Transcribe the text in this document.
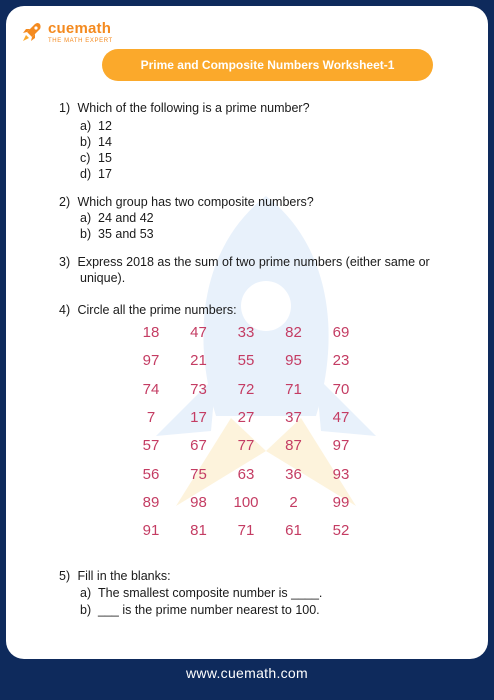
cuemath
THE MATH EXPERT
Prime and Composite Numbers Worksheet-1
1) Which of the following is a prime number?
a) 12
b) 14
c) 15
d) 17
2) Which group has two composite numbers?
a) 24 and 42
b) 35 and 53
3) Express 2018 as the sum of two prime numbers (either same or
unique).
4) Circle all the prime numbers:
18	47	33	82	69
97	21	55	95	23
74	73	72	71	70
7	17	27	37	47
57	67	77	87	97
56	75	63	36	93
89	98	100	2	99
91	81	71	61	52
5) Fill in the blanks:
a) The smallest composite number is ____.
b) ___ is the prime number nearest to 100.
www.cuemath.com
